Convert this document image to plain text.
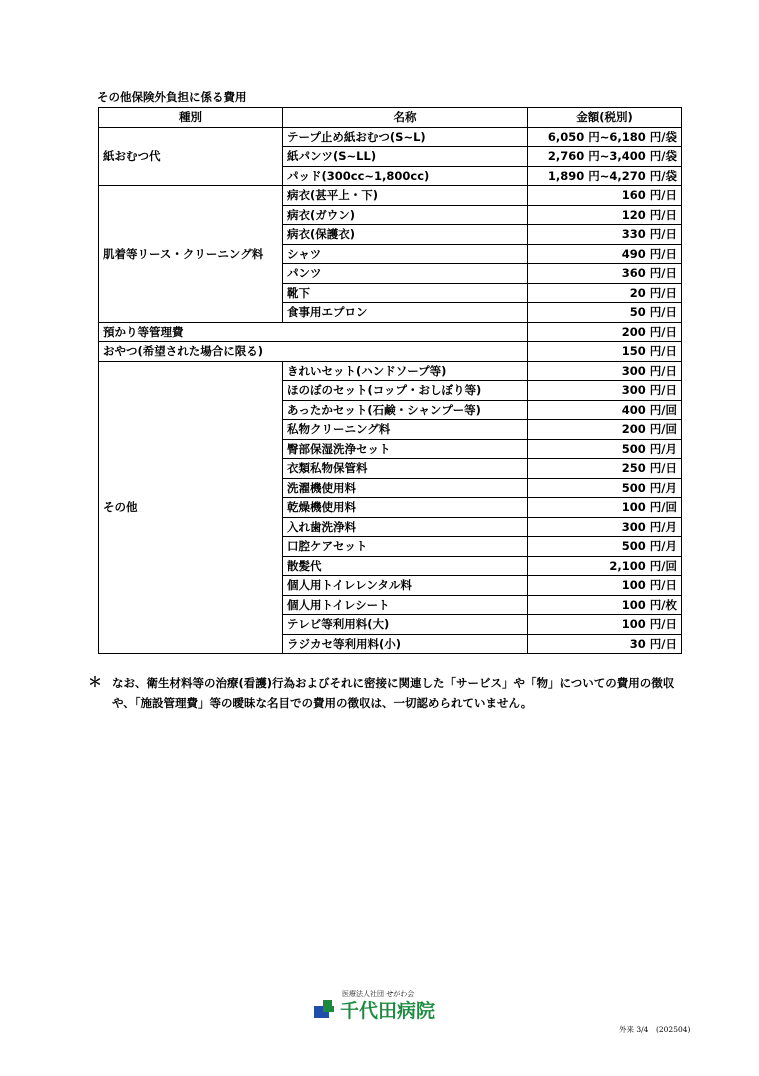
その他保険外負担に係る費用
種別	名称	金額(税別)
紙おむつ代	テープ止め紙おむつ(S~L)	6,050 円~6,180 円/袋
	紙パンツ(S~LL)	2,760 円~3,400 円/袋
	パッド(300cc~1,800cc)	1,890 円~4,270 円/袋
肌着等リース・クリーニング料	病衣(甚平上・下)	160 円/日
	病衣(ガウン)	120 円/日
	病衣(保護衣)	330 円/日
	シャツ	490 円/日
	パンツ	360 円/日
	靴下	20 円/日
	食事用エプロン	50 円/日
預かり等管理費		200 円/日
おやつ(希望された場合に限る)		150 円/日
その他	きれいセット(ハンドソープ等)	300 円/日
	ほのぼのセット(コップ・おしぼり等)	300 円/日
	あったかセット(石鹸・シャンプー等)	400 円/回
	私物クリーニング料	200 円/回
	臀部保湿洗浄セット	500 円/月
	衣類私物保管料	250 円/日
	洗濯機使用料	500 円/月
	乾燥機使用料	100 円/回
	入れ歯洗浄料	300 円/月
	口腔ケアセット	500 円/月
	散髪代	2,100 円/回
	個人用トイレレンタル料	100 円/日
	個人用トイレシート	100 円/枚
	テレビ等利用料(大)	100 円/日
	ラジカセ等利用料(小)	30 円/日
＊ なお、衛生材料等の治療(看護)行為およびそれに密接に関連した「サービス」や「物」についての費用の徴収
や、「施設管理費」等の曖昧な名目での費用の徴収は、一切認められていません。
医療法人社団 せがわ会
千代田病院
外来 3/4　(202504)
